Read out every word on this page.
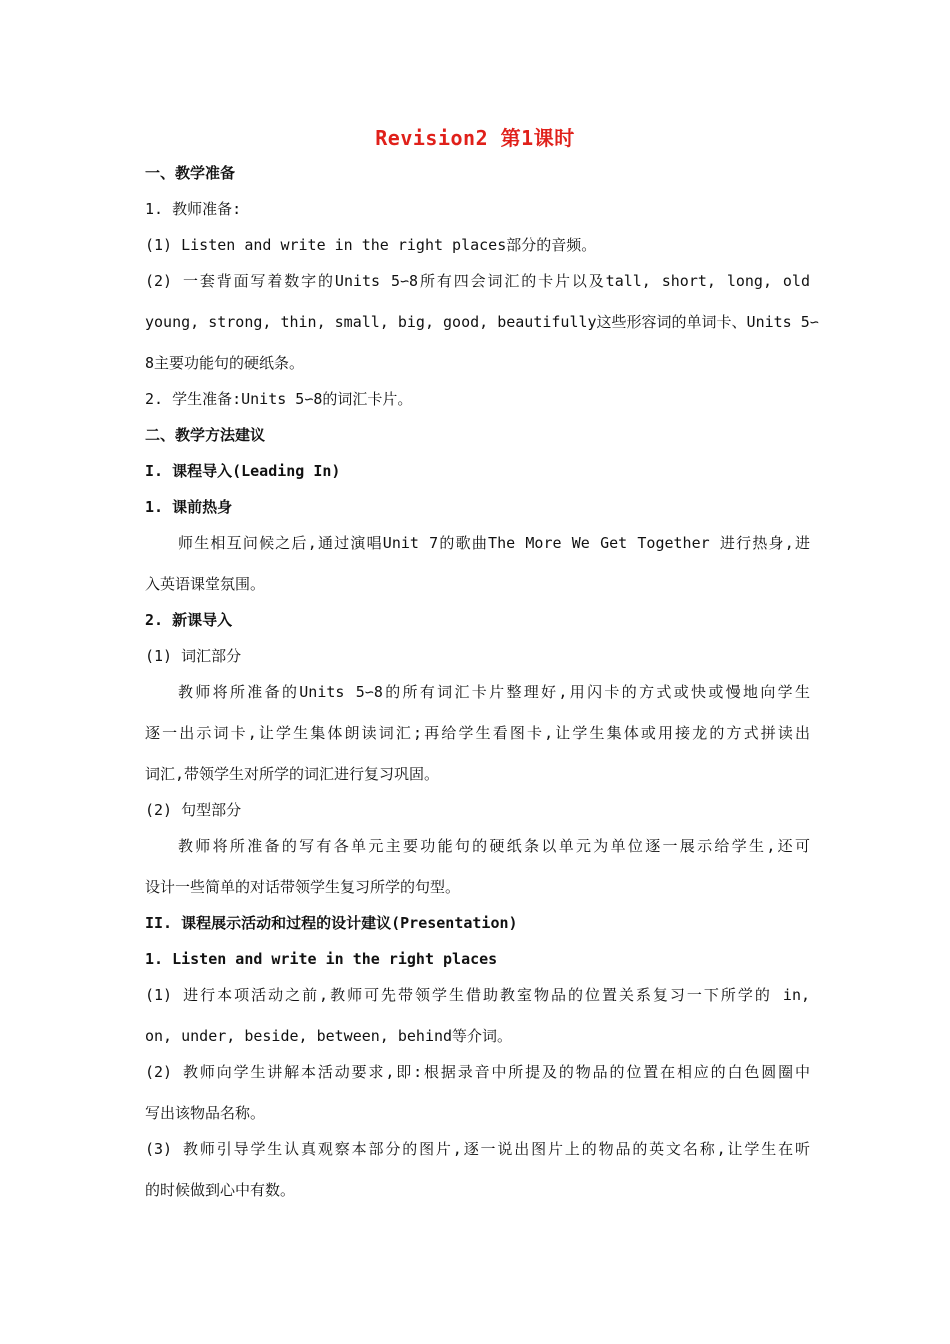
Revision2 第1课时
一、教学准备
1. 教师准备:
(1) Listen and write in the right places部分的音频。
(2) 一套背面写着数字的Units 5∽8所有四会词汇的卡片以及tall, short, long, old
young, strong, thin, small, big, good, beautifully这些形容词的单词卡、Units 5∽
8主要功能句的硬纸条。
2. 学生准备:Units 5∽8的词汇卡片。
二、教学方法建议
I. 课程导入(Leading In)
1. 课前热身
师生相互问候之后,通过演唱Unit 7的歌曲The More We Get Together 进行热身,进
入英语课堂氛围。
2. 新课导入
(1) 词汇部分
教师将所准备的Units 5∽8的所有词汇卡片整理好,用闪卡的方式或快或慢地向学生
逐一出示词卡,让学生集体朗读词汇;再给学生看图卡,让学生集体或用接龙的方式拼读出
词汇,带领学生对所学的词汇进行复习巩固。
(2) 句型部分
教师将所准备的写有各单元主要功能句的硬纸条以单元为单位逐一展示给学生,还可
设计一些简单的对话带领学生复习所学的句型。
II. 课程展示活动和过程的设计建议(Presentation)
1. Listen and write in the right places
(1) 进行本项活动之前,教师可先带领学生借助教室物品的位置关系复习一下所学的 in,
on, under, beside, between, behind等介词。
(2) 教师向学生讲解本活动要求,即:根据录音中所提及的物品的位置在相应的白色圆圈中
写出该物品名称。
(3) 教师引导学生认真观察本部分的图片,逐一说出图片上的物品的英文名称,让学生在听
的时候做到心中有数。
